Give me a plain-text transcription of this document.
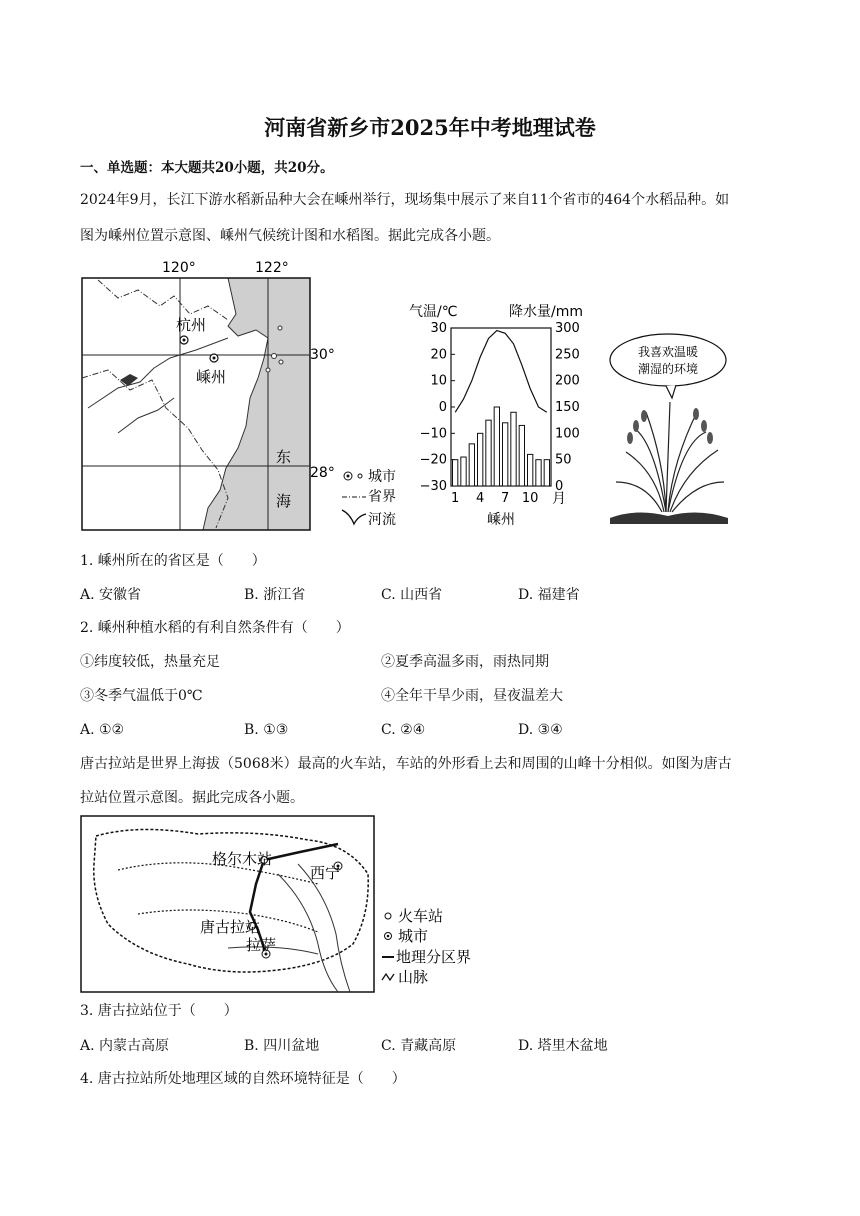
河南省新乡市2025年中考地理试卷
一、单选题：本大题共20小题，共20分。
2024年9月，长江下游水稻新品种大会在嵊州举行，现场集中展示了来自11个省市的464个水稻品种。如
图为嵊州位置示意图、嵊州气候统计图和水稻图。据此完成各小题。
120°	122°
30°
28°
杭州
嵊州
东
海
城市
省界
河流
气温/℃	降水量/mm
30
20
10
0
−10
−20
−30
300
250
200
150
100
50
0
1 4 7 10 月
嵊州
我喜欢温暖
潮湿的环境
1. 嵊州所在的省区是（　　）
A. 安徽省	B. 浙江省	C. 山西省	D. 福建省
2. 嵊州种植水稻的有利自然条件有（　　）
①纬度较低，热量充足	②夏季高温多雨，雨热同期
③冬季气温低于0℃	④全年干旱少雨，昼夜温差大
A. ①②	B. ①③	C. ②④	D. ③④
唐古拉站是世界上海拔（5068米）最高的火车站，车站的外形看上去和周围的山峰十分相似。如图为唐古
拉站位置示意图。据此完成各小题。
格尔木站
西宁
唐古拉站
拉萨
火车站
城市
地理分区界
山脉
3. 唐古拉站位于（　　）
A. 内蒙古高原	B. 四川盆地	C. 青藏高原	D. 塔里木盆地
4. 唐古拉站所处地理区域的自然环境特征是（　　）
